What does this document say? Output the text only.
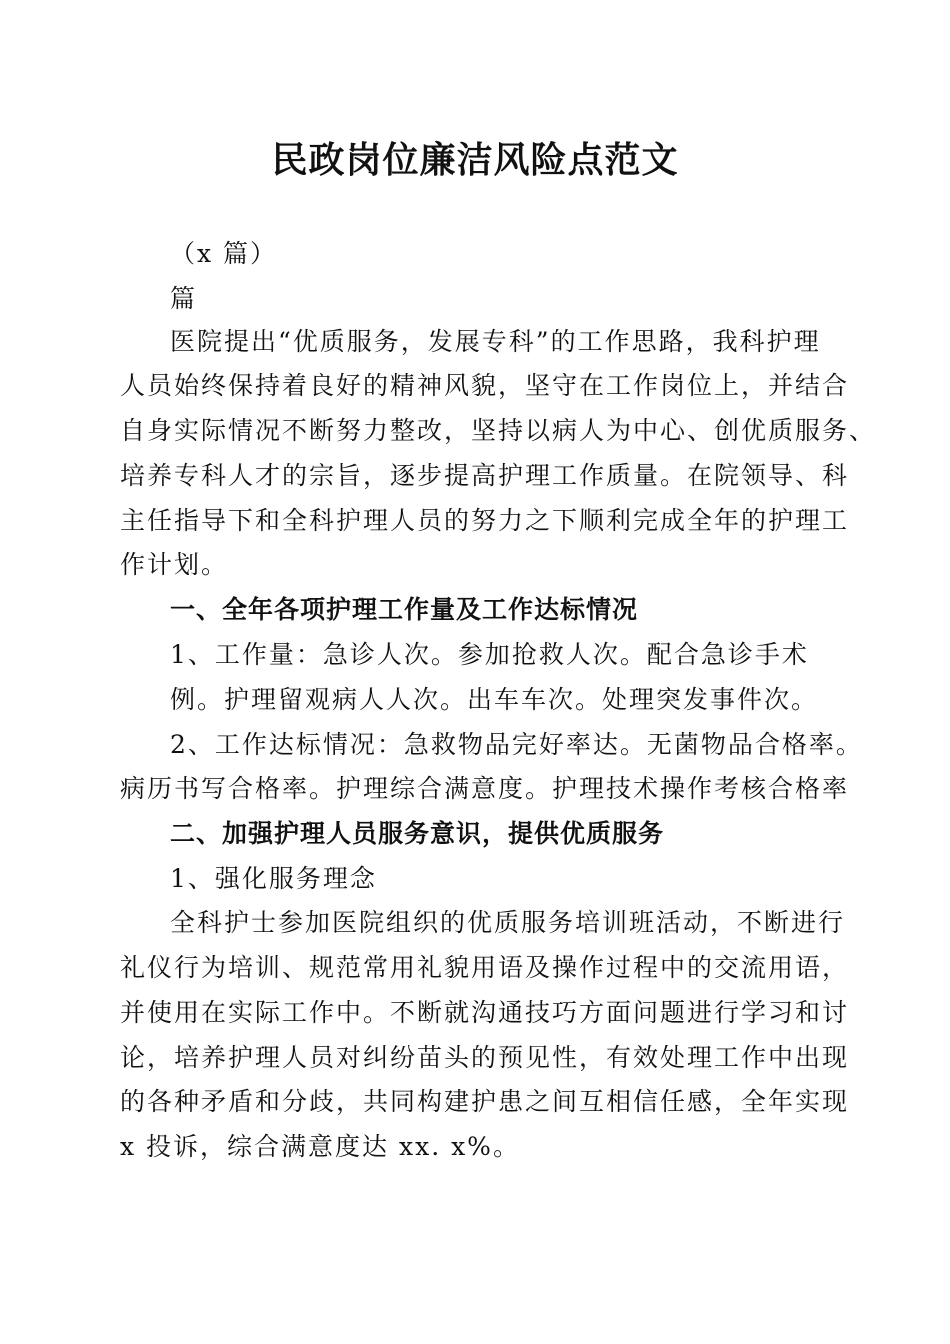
民政岗位廉洁风险点范文
（x 篇）
篇
医院提出“优质服务，发展专科”的工作思路，我科护理
人员始终保持着良好的精神风貌，坚守在工作岗位上，并结合
自身实际情况不断努力整改，坚持以病人为中心、创优质服务、
培养专科人才的宗旨，逐步提高护理工作质量。在院领导、科
主任指导下和全科护理人员的努力之下顺利完成全年的护理工
作计划。
一、全年各项护理工作量及工作达标情况
1、工作量：急诊人次。参加抢救人次。配合急诊手术
例。护理留观病人人次。出车车次。处理突发事件次。
2、工作达标情况：急救物品完好率达。无菌物品合格率。
病历书写合格率。护理综合满意度。护理技术操作考核合格率
二、加强护理人员服务意识，提供优质服务
1、强化服务理念
全科护士参加医院组织的优质服务培训班活动，不断进行
礼仪行为培训、规范常用礼貌用语及操作过程中的交流用语，
并使用在实际工作中。不断就沟通技巧方面问题进行学习和讨
论，培养护理人员对纠纷苗头的预见性，有效处理工作中出现
的各种矛盾和分歧，共同构建护患之间互相信任感，全年实现
x 投诉，综合满意度达 xx. x%。
